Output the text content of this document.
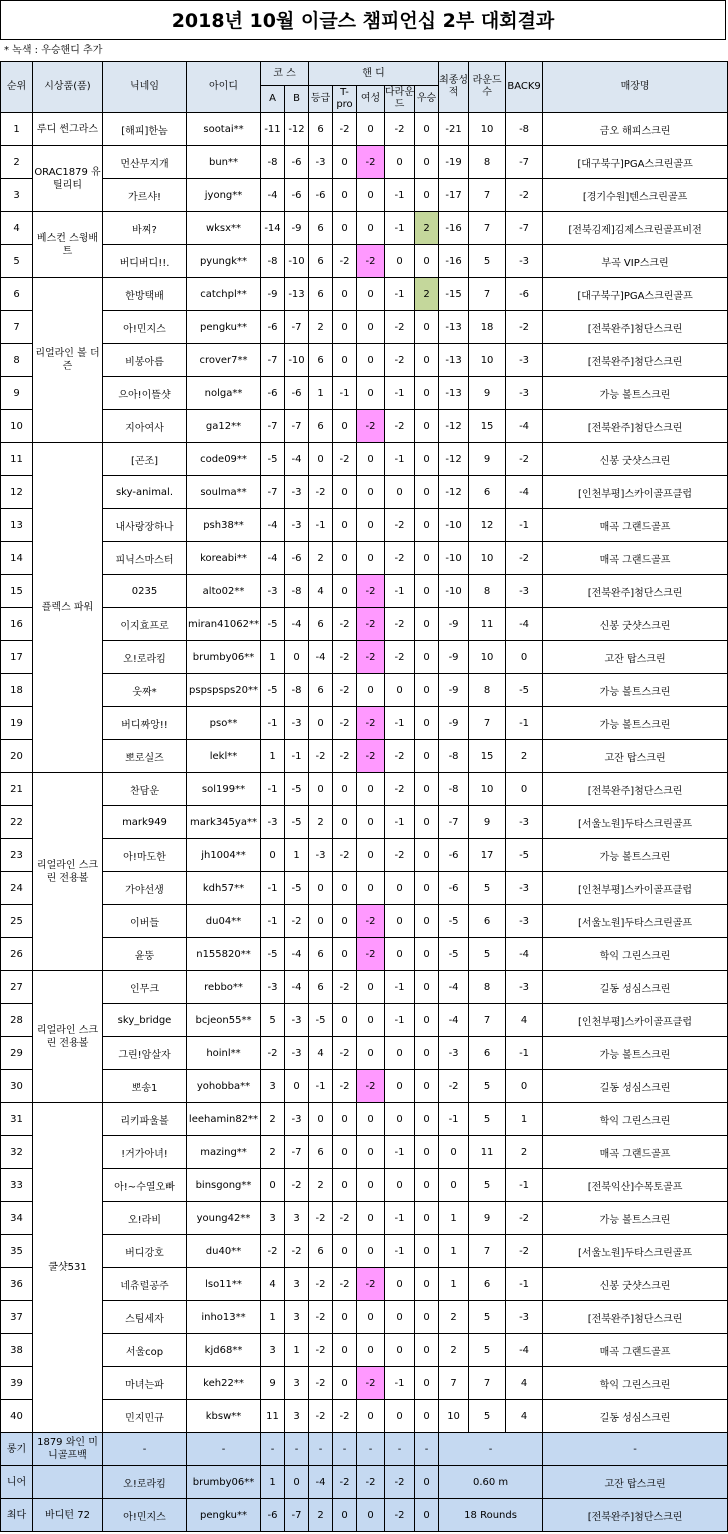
2018년 10월 이글스 챔피언십 2부 대회결과
* 녹색 : 우승핸디 추가
순위	시상품(품)	닉네임	아이디	코 스		핸 디					최종성적	라운드수	BACK9	매장명
				A	B	등급	T-pro	여성	다라운드	우승				
1	루디 썬그라스	[해피]한놈	sootai**	-11	-12	6	-2	0	-2	0	-21	10	-8	금오 해피스크린
2	ORAC1879 유틸리티	먼산무지개	bun**	-8	-6	-3	0	-2	0	0	-19	8	-7	[대구북구]PGA스크린골프
3		가르샤!	jyong**	-4	-6	-6	0	0	-1	0	-17	7	-2	[경기수원]텐스크린골프
4	베스컨 스윙배트	바찌?	wksx**	-14	-9	6	0	0	-1	2	-16	7	-7	[전북김제]김제스크린골프비전
5		버디버디!!.	pyungk**	-8	-10	6	-2	-2	0	0	-16	5	-3	부곡 VIP스크린
6	리얼라인 볼 더즌	한방택배	catchpl**	-9	-13	6	0	0	-1	2	-15	7	-6	[대구북구]PGA스크린골프
7		아!민지스	pengku**	-6	-7	2	0	0	-2	0	-13	18	-2	[전북완주]첨단스크린
8		비봉아름	crover7**	-7	-10	6	0	0	-2	0	-13	10	-3	[전북완주]첨단스크린
9		으아!이뜰샷	nolga**	-6	-6	1	-1	0	-1	0	-13	9	-3	가능 볼트스크린
10		지아여사	ga12**	-7	-7	6	0	-2	-2	0	-12	15	-4	[전북완주]첨단스크린
11	플렉스 파워	[곤조]	code09**	-5	-4	0	-2	0	-1	0	-12	9	-2	신봉 굿샷스크린
12		sky-animal.	soulma**	-7	-3	-2	0	0	0	0	-12	6	-4	[인천부평]스카이골프클럽
13		내사랑장하나	psh38**	-4	-3	-1	0	0	-2	0	-10	12	-1	매곡 그랜드골프
14		피닉스마스터	koreabi**	-4	-6	2	0	0	-2	0	-10	10	-2	매곡 그랜드골프
15		0235	alto02**	-3	-8	4	0	-2	-1	0	-10	8	-3	[전북완주]첨단스크린
16		이지효프로	miran41062**	-5	-4	6	-2	-2	-2	0	-9	11	-4	신봉 굿샷스크린
17		오!로라킴	brumby06**	1	0	-4	-2	-2	-2	0	-9	10	0	고잔 탑스크린
18		웃짜*	pspspsps20**	-5	-8	6	-2	0	0	0	-9	8	-5	가능 볼트스크린
19		버디짜앙!!	pso**	-1	-3	0	-2	-2	-1	0	-9	7	-1	가능 볼트스크린
20		뽀로실즈	lekl**	1	-1	-2	-2	-2	-2	0	-8	15	2	고잔 탑스크린
21	리얼라인 스크린 전용볼	찬담운	sol199**	-1	-5	0	0	0	-2	0	-8	10	0	[전북완주]첨단스크린
22		mark949	mark345ya**	-3	-5	2	0	0	-1	0	-7	9	-3	[서울노원]두타스크린골프
23		아!마도한	jh1004**	0	1	-3	-2	0	-2	0	-6	17	-5	가능 볼트스크린
24		가야선생	kdh57**	-1	-5	0	0	0	0	0	-6	5	-3	[인천부평]스카이골프클럽
25		이버들	du04**	-1	-2	0	0	-2	0	0	-5	6	-3	[서울노원]두타스크린골프
26		윤뚱	n155820**	-5	-4	6	0	-2	0	0	-5	5	-4	학익 그린스크린
27	리얼라인 스크린 전용볼	인무크	rebbo**	-3	-4	6	-2	0	-1	0	-4	8	-3	길동 성심스크린
28		sky_bridge	bcjeon55**	5	-3	-5	0	0	-1	0	-4	7	4	[인천부평]스카이골프클럽
29		그린!암살자	hoinl**	-2	-3	4	-2	0	0	0	-3	6	-1	가능 볼트스크린
30		뽀송1	yohobba**	3	0	-1	-2	-2	0	0	-2	5	0	길동 성심스크린
31	쿨샷531	리키파울볼	leehamin82**	2	-3	0	0	0	0	0	-1	5	1	학익 그린스크린
32		!거가아녀!	mazing**	2	-7	6	0	0	-1	0	0	11	2	매곡 그랜드골프
33		아!~수열오빠	binsgong**	0	-2	2	0	0	0	0	0	5	-1	[전북익산]수목토골프
34		오!라비	young42**	3	3	-2	-2	0	-1	0	1	9	-2	가능 볼트스크린
35		버디강호	du40**	-2	-2	6	0	0	-1	0	1	7	-2	[서울노원]두타스크린골프
36		네츄럴공주	lso11**	4	3	-2	-2	-2	0	0	1	6	-1	신봉 굿샷스크린
37		스팀세자	inho13**	1	3	-2	0	0	0	0	2	5	-3	[전북완주]첨단스크린
38		서울cop	kjd68**	3	1	-2	0	0	0	0	2	5	-4	매곡 그랜드골프
39		마녀는파	keh22**	9	3	-2	0	-2	-1	0	7	7	4	학익 그린스크린
40		민지민규	kbsw**	11	3	-2	-2	0	0	0	10	5	4	길동 성심스크린
롱기	1879 와인 미니골프백	-	-	-	-	-	-	-	-	-	-			-
니어		오!로라킴	brumby06**	1	0	-4	-2	-2	-2	0	0.60 m			고잔 탑스크린
최다	바디턴 72	아!민지스	pengku**	-6	-7	2	0	0	-2	0	18 Rounds			[전북완주]첨단스크린
